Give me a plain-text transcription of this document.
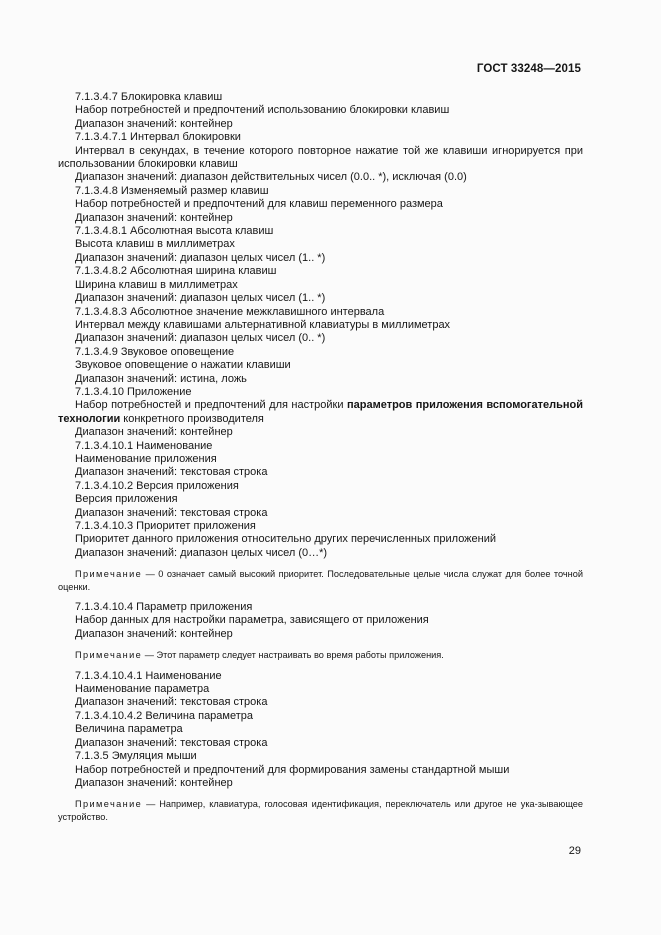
ГОСТ 33248—2015

7.1.3.4.7 Блокировка клавиш

Набор потребностей и предпочтений использованию блокировки клавиш

Диапазон значений: контейнер

7.1.3.4.7.1 Интервал блокировки

Интервал в секундах, в течение которого повторное нажатие той же клавиши игнорируется при использовании блокировки клавиш

Диапазон значений: диапазон действительных чисел (0.0.. *), исключая (0.0)

7.1.3.4.8 Изменяемый размер клавиш

Набор потребностей и предпочтений для клавиш переменного размера

Диапазон значений: контейнер

7.1.3.4.8.1 Абсолютная высота клавиш

Высота клавиш в миллиметрах

Диапазон значений: диапазон целых чисел (1.. *)

7.1.3.4.8.2 Абсолютная ширина клавиш

Ширина клавиш в миллиметрах

Диапазон значений: диапазон целых чисел (1.. *)

7.1.3.4.8.3 Абсолютное значение межклавишного интервала

Интервал между клавишами альтернативной клавиатуры в миллиметрах

Диапазон значений: диапазон целых чисел (0.. *)

7.1.3.4.9 Звуковое оповещение

Звуковое оповещение о нажатии клавиши

Диапазон значений: истина, ложь

7.1.3.4.10 Приложение

Набор потребностей и предпочтений для настройки параметров приложения вспомогательной технологии конкретного производителя

Диапазон значений: контейнер

7.1.3.4.10.1 Наименование

Наименование приложения

Диапазон значений: текстовая строка

7.1.3.4.10.2 Версия приложения

Версия приложения

Диапазон значений: текстовая строка

7.1.3.4.10.3 Приоритет приложения

Приоритет данного приложения относительно других перечисленных приложений

Диапазон значений: диапазон целых чисел (0…*)

Примечание — 0 означает самый высокий приоритет. Последовательные целые числа служат для более точной оценки.

7.1.3.4.10.4 Параметр приложения

Набор данных для настройки параметра, зависящего от приложения

Диапазон значений: контейнер

Примечание — Этот параметр следует настраивать во время работы приложения.

7.1.3.4.10.4.1 Наименование

Наименование параметра

Диапазон значений: текстовая строка

7.1.3.4.10.4.2 Величина параметра

Величина параметра

Диапазон значений: текстовая строка

7.1.3.5 Эмуляция мыши

Набор потребностей и предпочтений для формирования замены стандартной мыши

Диапазон значений: контейнер

Примечание — Например, клавиатура, голосовая идентификация, переключатель или другое не ука-зывающее устройство.

29
